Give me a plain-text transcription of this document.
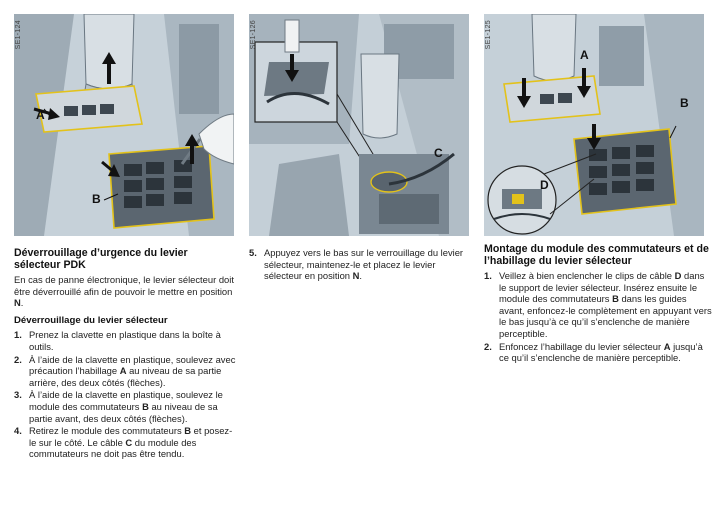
SE1-124
A
B
SE1-126
C
SE1-125
A
B
D
Déverrouillage d’urgence du levier sélecteur PDK

En cas de panne électronique, le levier sélecteur doit être déverrouillé afin de pouvoir le mettre en position N.

Déverrouillage du levier sélecteur
1. Prenez la clavette en plastique dans la boîte à outils.
2. À l’aide de la clavette en plastique, soulevez avec précaution l’habillage A au niveau de sa partie arrière, des deux côtés (flèches).
3. À l’aide de la clavette en plastique, soulevez le module des commutateurs B au niveau de sa partie avant, des deux côtés (flèches).
4. Retirez le module des commutateurs B et posez-le sur le côté. Le câble C du module des commutateurs ne doit pas être tendu.
5. Appuyez vers le bas sur le verrouillage du levier sélecteur, maintenez-le et placez le levier sélecteur en position N.
Montage du module des commutateurs et de l’habillage du levier sélecteur
1. Veillez à bien enclencher le clips de câble D dans le support de levier sélecteur. Insérez ensuite le module des commutateurs B dans les guides avant, enfoncez-le complètement en appuyant vers le bas jusqu’à ce qu’il s’enclenche de manière perceptible.
2. Enfoncez l’habillage du levier sélecteur A jusqu’à ce qu’il s’enclenche de manière perceptible.
